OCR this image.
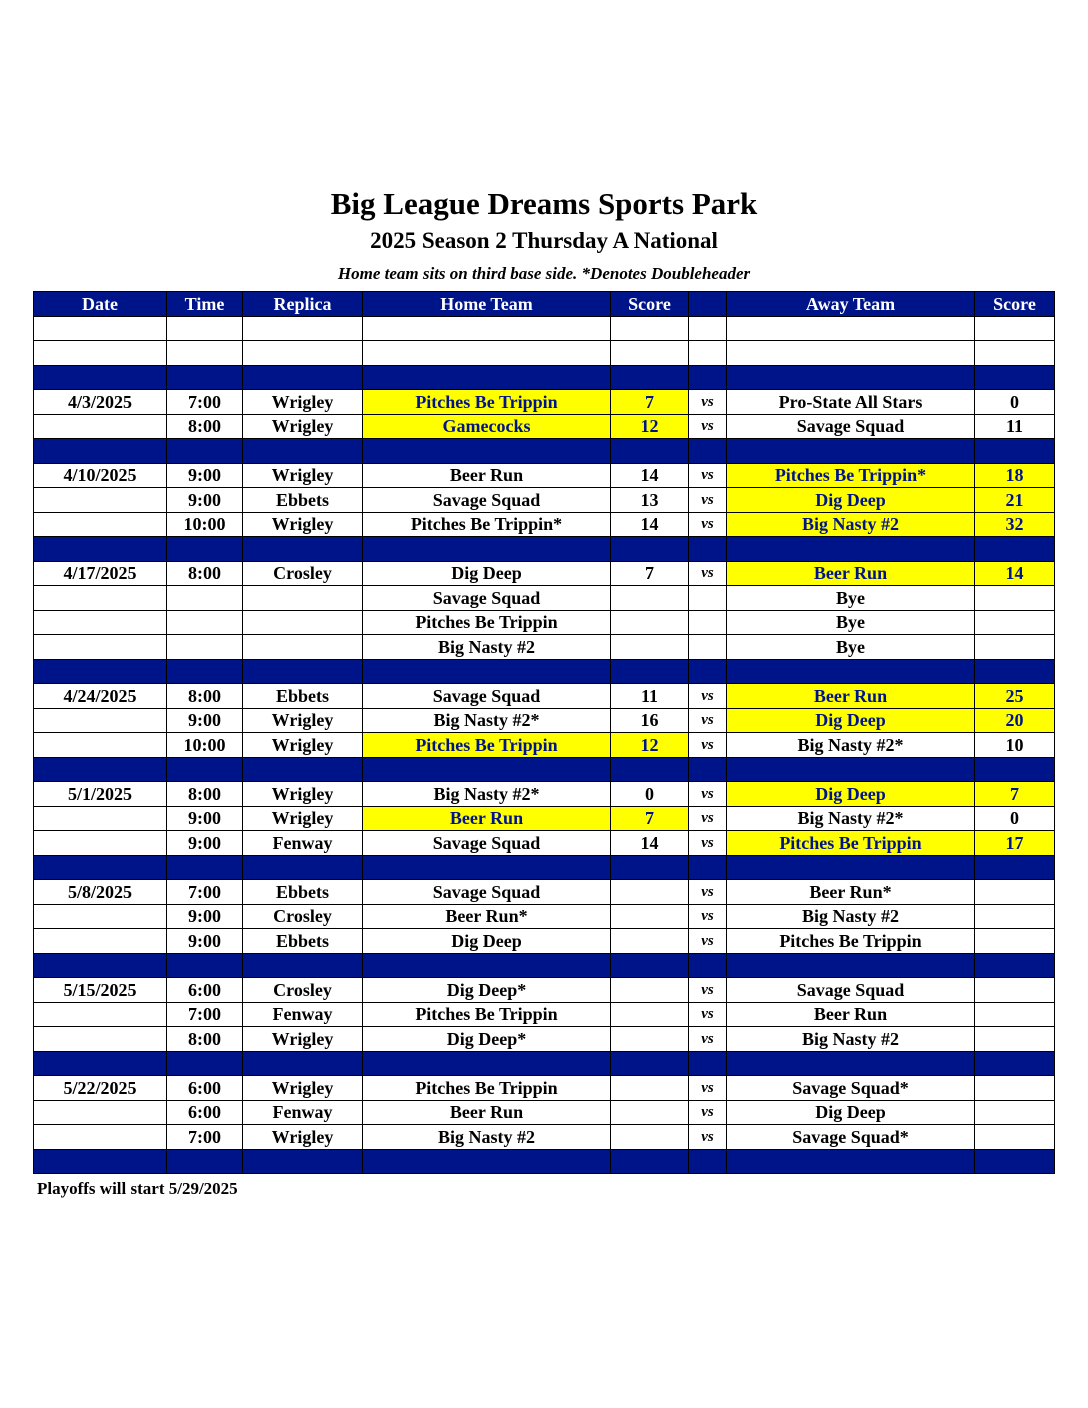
Big League Dreams Sports Park
2025 Season 2 Thursday A National
Home team sits on third base side. *Denotes Doubleheader
Date	Time	Replica	Home Team	Score		Away Team	Score

4/3/2025	7:00	Wrigley	Pitches Be Trippin	7	vs	Pro-State All Stars	0
	8:00	Wrigley	Gamecocks	12	vs	Savage Squad	11

4/10/2025	9:00	Wrigley	Beer Run	14	vs	Pitches Be Trippin*	18
	9:00	Ebbets	Savage Squad	13	vs	Dig Deep	21
	10:00	Wrigley	Pitches Be Trippin*	14	vs	Big Nasty #2	32

4/17/2025	8:00	Crosley	Dig Deep	7	vs	Beer Run	14
			Savage Squad			Bye	
			Pitches Be Trippin			Bye	
			Big Nasty #2			Bye	

4/24/2025	8:00	Ebbets	Savage Squad	11	vs	Beer Run	25
	9:00	Wrigley	Big Nasty #2*	16	vs	Dig Deep	20
	10:00	Wrigley	Pitches Be Trippin	12	vs	Big Nasty #2*	10

5/1/2025	8:00	Wrigley	Big Nasty #2*	0	vs	Dig Deep	7
	9:00	Wrigley	Beer Run	7	vs	Big Nasty #2*	0
	9:00	Fenway	Savage Squad	14	vs	Pitches Be Trippin	17

5/8/2025	7:00	Ebbets	Savage Squad		vs	Beer Run*	
	9:00	Crosley	Beer Run*		vs	Big Nasty #2	
	9:00	Ebbets	Dig Deep		vs	Pitches Be Trippin	

5/15/2025	6:00	Crosley	Dig Deep*		vs	Savage Squad	
	7:00	Fenway	Pitches Be Trippin		vs	Beer Run	
	8:00	Wrigley	Dig Deep*		vs	Big Nasty #2	

5/22/2025	6:00	Wrigley	Pitches Be Trippin		vs	Savage Squad*	
	6:00	Fenway	Beer Run		vs	Dig Deep	
	7:00	Wrigley	Big Nasty #2		vs	Savage Squad*	

Playoffs will start 5/29/2025
